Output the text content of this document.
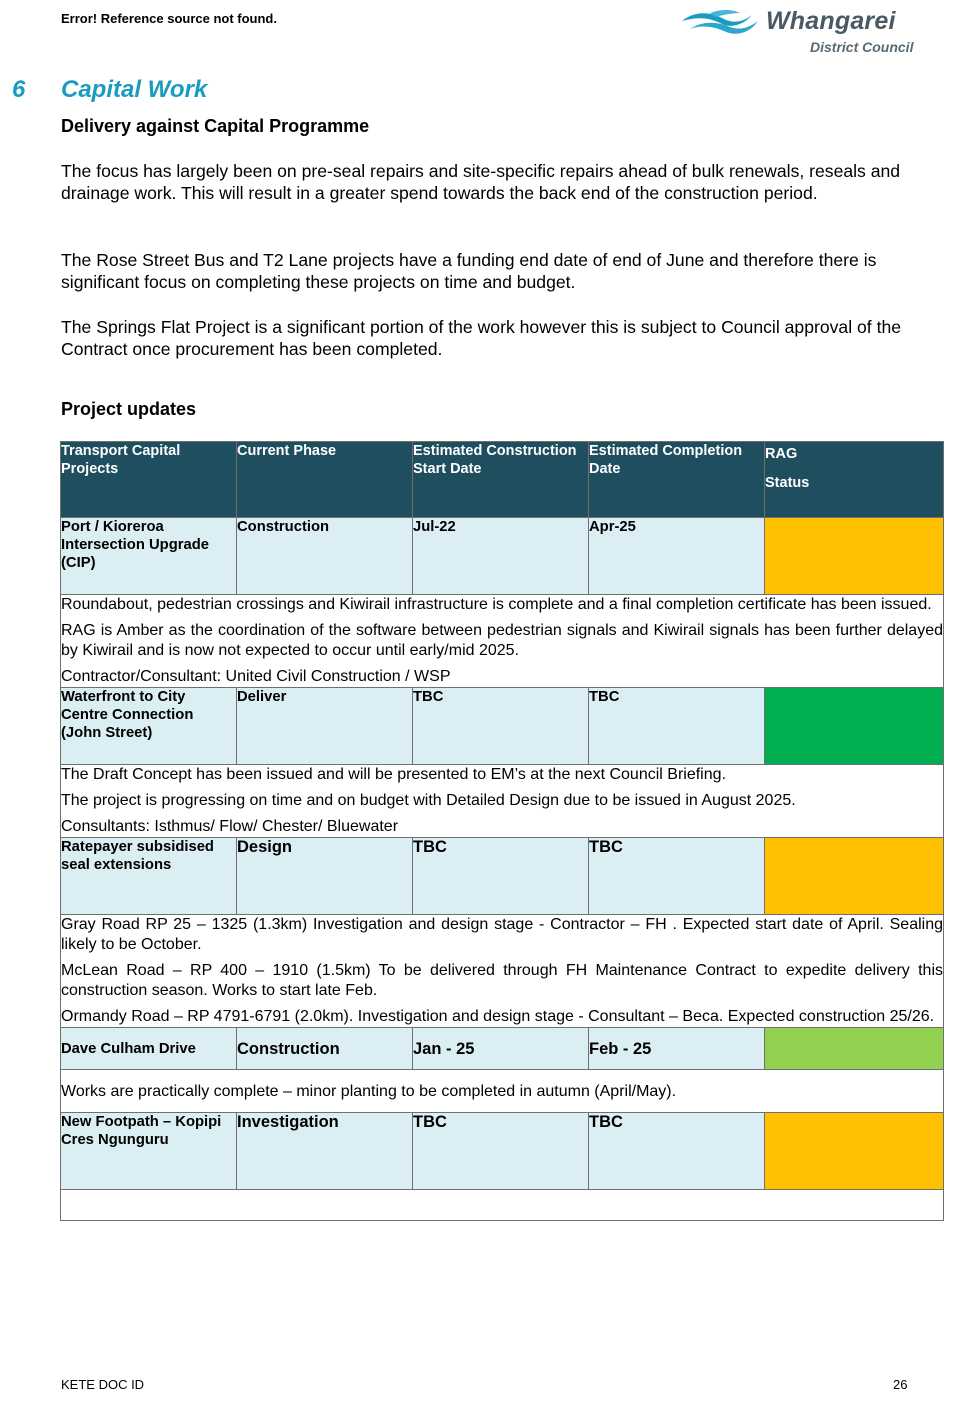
Error! Reference source not found.	Whangarei
District Council
6 Capital Work
Delivery against Capital Programme
The focus has largely been on pre-seal repairs and site-specific repairs ahead of bulk renewals, reseals and drainage work. This will result in a greater spend towards the back end of the construction period.
The Rose Street Bus and T2 Lane projects have a funding end date of end of June and therefore there is significant focus on completing these projects on time and budget.
The Springs Flat Project is a significant portion of the work however this is subject to Council approval of the Contract once procurement has been completed.
Project updates
Transport Capital Projects	Current Phase	Estimated Construction Start Date	Estimated Completion Date	RAG
Status

Port / Kioreroa Intersection Upgrade (CIP)	Construction	Jul-22	Apr-25	

Roundabout, pedestrian crossings and Kiwirail infrastructure is complete and a final completion certificate has been issued.

RAG is Amber as the coordination of the software between pedestrian signals and Kiwirail signals has been further delayed by Kiwirail and is now not expected to occur until early/mid 2025.

Contractor/Consultant: United Civil Construction / WSP				

Waterfront to City Centre Connection (John Street)	Deliver	TBC	TBC	

The Draft Concept has been issued and will be presented to EM’s at the next Council Briefing.

The project is progressing on time and on budget with Detailed Design due to be issued in August 2025.

Consultants: Isthmus/ Flow/ Chester/ Bluewater				

Ratepayer subsidised seal extensions	Design	TBC	TBC	

Gray Road RP 25 – 1325 (1.3km) Investigation and design stage - Contractor – FH . Expected start date of April. Sealing likely to be October.

McLean Road – RP 400 – 1910 (1.5km) To be delivered through FH Maintenance Contract to expedite delivery this construction season. Works to start late Feb.

Ormandy Road – RP 4791-6791 (2.0km). Investigation and design stage - Consultant – Beca. Expected construction 25/26.				

Dave Culham Drive	Construction	Jan - 25	Feb - 25	

Works are practically complete – minor planting to be completed in autumn (April/May).				

New Footpath – Kopipi Cres Ngunguru	Investigation	TBC	TBC	

KETE DOC ID	26
